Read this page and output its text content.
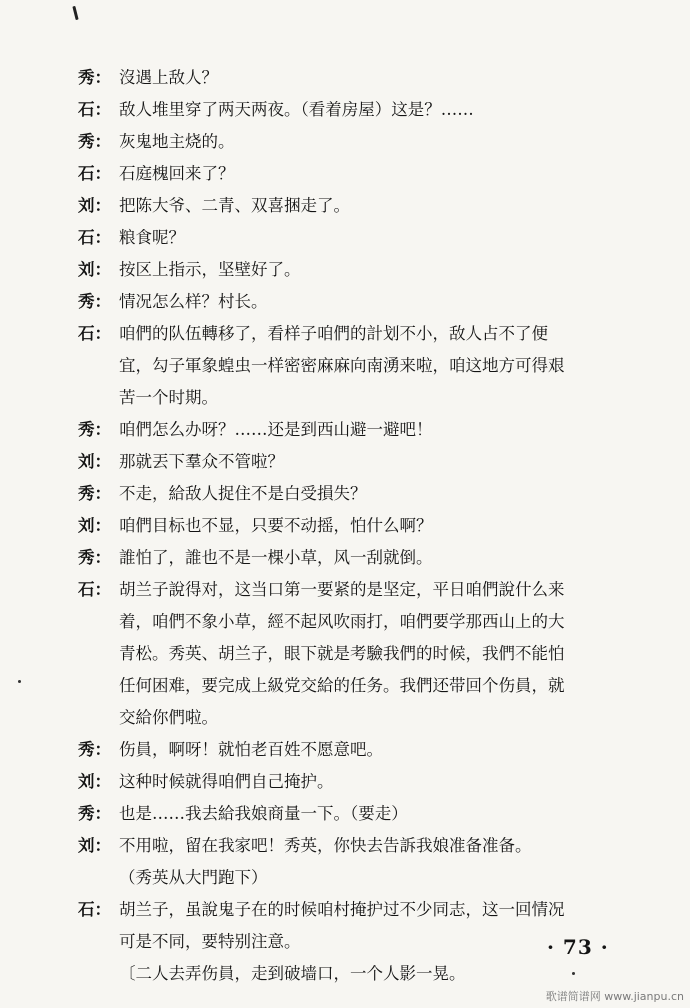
秀： 沒遇上敌人？
石： 敌人堆里穿了两天两夜。（看着房屋）这是？……
秀： 灰鬼地主烧的。
石： 石庭槐回来了？
刘： 把陈大爷、二青、双喜捆走了。
石： 粮食呢？
刘： 按区上指示，坚壁好了。
秀： 情况怎么样？村长。
石： 咱們的队伍轉移了，看样子咱們的計划不小，敌人占不了便
宜，勾子軍象蝗虫一样密密麻麻向南湧来啦，咱这地方可得艰
苦一个时期。
秀： 咱們怎么办呀？……还是到西山避一避吧！
刘： 那就丟下羣众不管啦？
秀： 不走，給敌人捉住不是白受損失？
刘： 咱們目标也不显，只要不动摇，怕什么啊？
秀： 誰怕了，誰也不是一棵小草，风一刮就倒。
石： 胡兰子說得对，这当口第一要紧的是坚定，平日咱們說什么来
着，咱們不象小草，經不起风吹雨打，咱們要学那西山上的大
青松。秀英、胡兰子，眼下就是考驗我們的时候，我們不能怕
任何困难，要完成上級党交給的任务。我們还带回个伤員，就
交給你們啦。
秀： 伤員，啊呀！就怕老百姓不愿意吧。
刘： 这种时候就得咱們自己掩护。
秀： 也是……我去給我娘商量一下。（要走）
刘： 不用啦，留在我家吧！秀英，你快去告訴我娘准备准备。
（秀英从大門跑下）
石： 胡兰子，虽說鬼子在的时候咱村掩护过不少同志，这一回情况
可是不同，要特别注意。
〔二人去弄伤員，走到破墙口，一个人影一晃。
· 73 ·
歌谱简谱网 www.jianpu.cn
